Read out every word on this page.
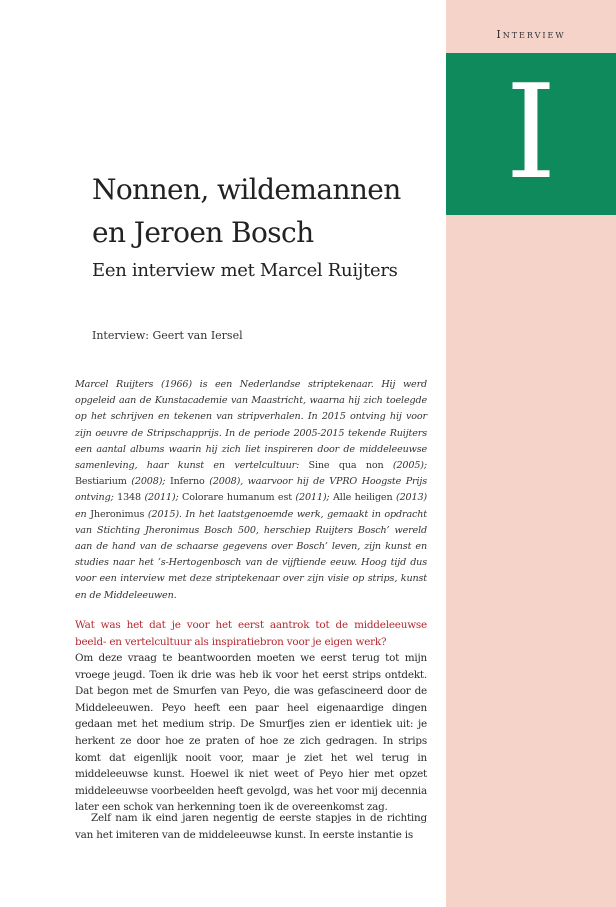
Interview
I
Nonnen, wildemannen en Jeroen Bosch
Een interview met Marcel Ruijters
Interview: Geert van Iersel

Marcel Ruijters (1966) is een Nederlandse striptekenaar. Hij werd opgeleid aan de Kunstacademie van Maastricht, waarna hij zich toelegde op het schrijven en tekenen van stripverhalen. In 2015 ontving hij voor zijn oeuvre de Stripschapprijs. In de periode 2005-2015 tekende Ruijters een aantal albums waarin hij zich liet inspireren door de middeleeuwse samenleving, haar kunst en vertelcultuur: Sine qua non (2005); Bestiarium (2008); Inferno (2008), waarvoor hij de VPRO Hoogste Prijs ontving; 1348 (2011); Colorare humanum est (2011); Alle heiligen (2013) en Jheronimus (2015). In het laatstgenoemde werk, gemaakt in opdracht van Stichting Jheronimus Bosch 500, herschiep Ruijters Bosch’ wereld aan de hand van de schaarse gegevens over Bosch’ leven, zijn kunst en studies naar het ’s-Hertogenbosch van de vijftiende eeuw. Hoog tijd dus voor een interview met deze striptekenaar over zijn visie op strips, kunst en de Middeleeuwen.

Wat was het dat je voor het eerst aantrok tot de middeleeuwse beeld- en vertelcultuur als inspiratiebron voor je eigen werk?

Om deze vraag te beantwoorden moeten we eerst terug tot mijn vroege jeugd. Toen ik drie was heb ik voor het eerst strips ontdekt. Dat begon met de Smurfen van Peyo, die was gefascineerd door de Middeleeuwen. Peyo heeft een paar heel eigenaardige dingen gedaan met het medium strip. De Smurfjes zien er identiek uit: je herkent ze door hoe ze praten of hoe ze zich gedragen. In strips komt dat eigenlijk nooit voor, maar je ziet het wel terug in middeleeuwse kunst. Hoewel ik niet weet of Peyo hier met opzet middeleeuwse voorbeelden heeft gevolgd, was het voor mij decennia later een schok van herkenning toen ik de overeenkomst zag.

Zelf nam ik eind jaren negentig de eerste stapjes in de richting van het imiteren van de middeleeuwse kunst. In eerste instantie is
